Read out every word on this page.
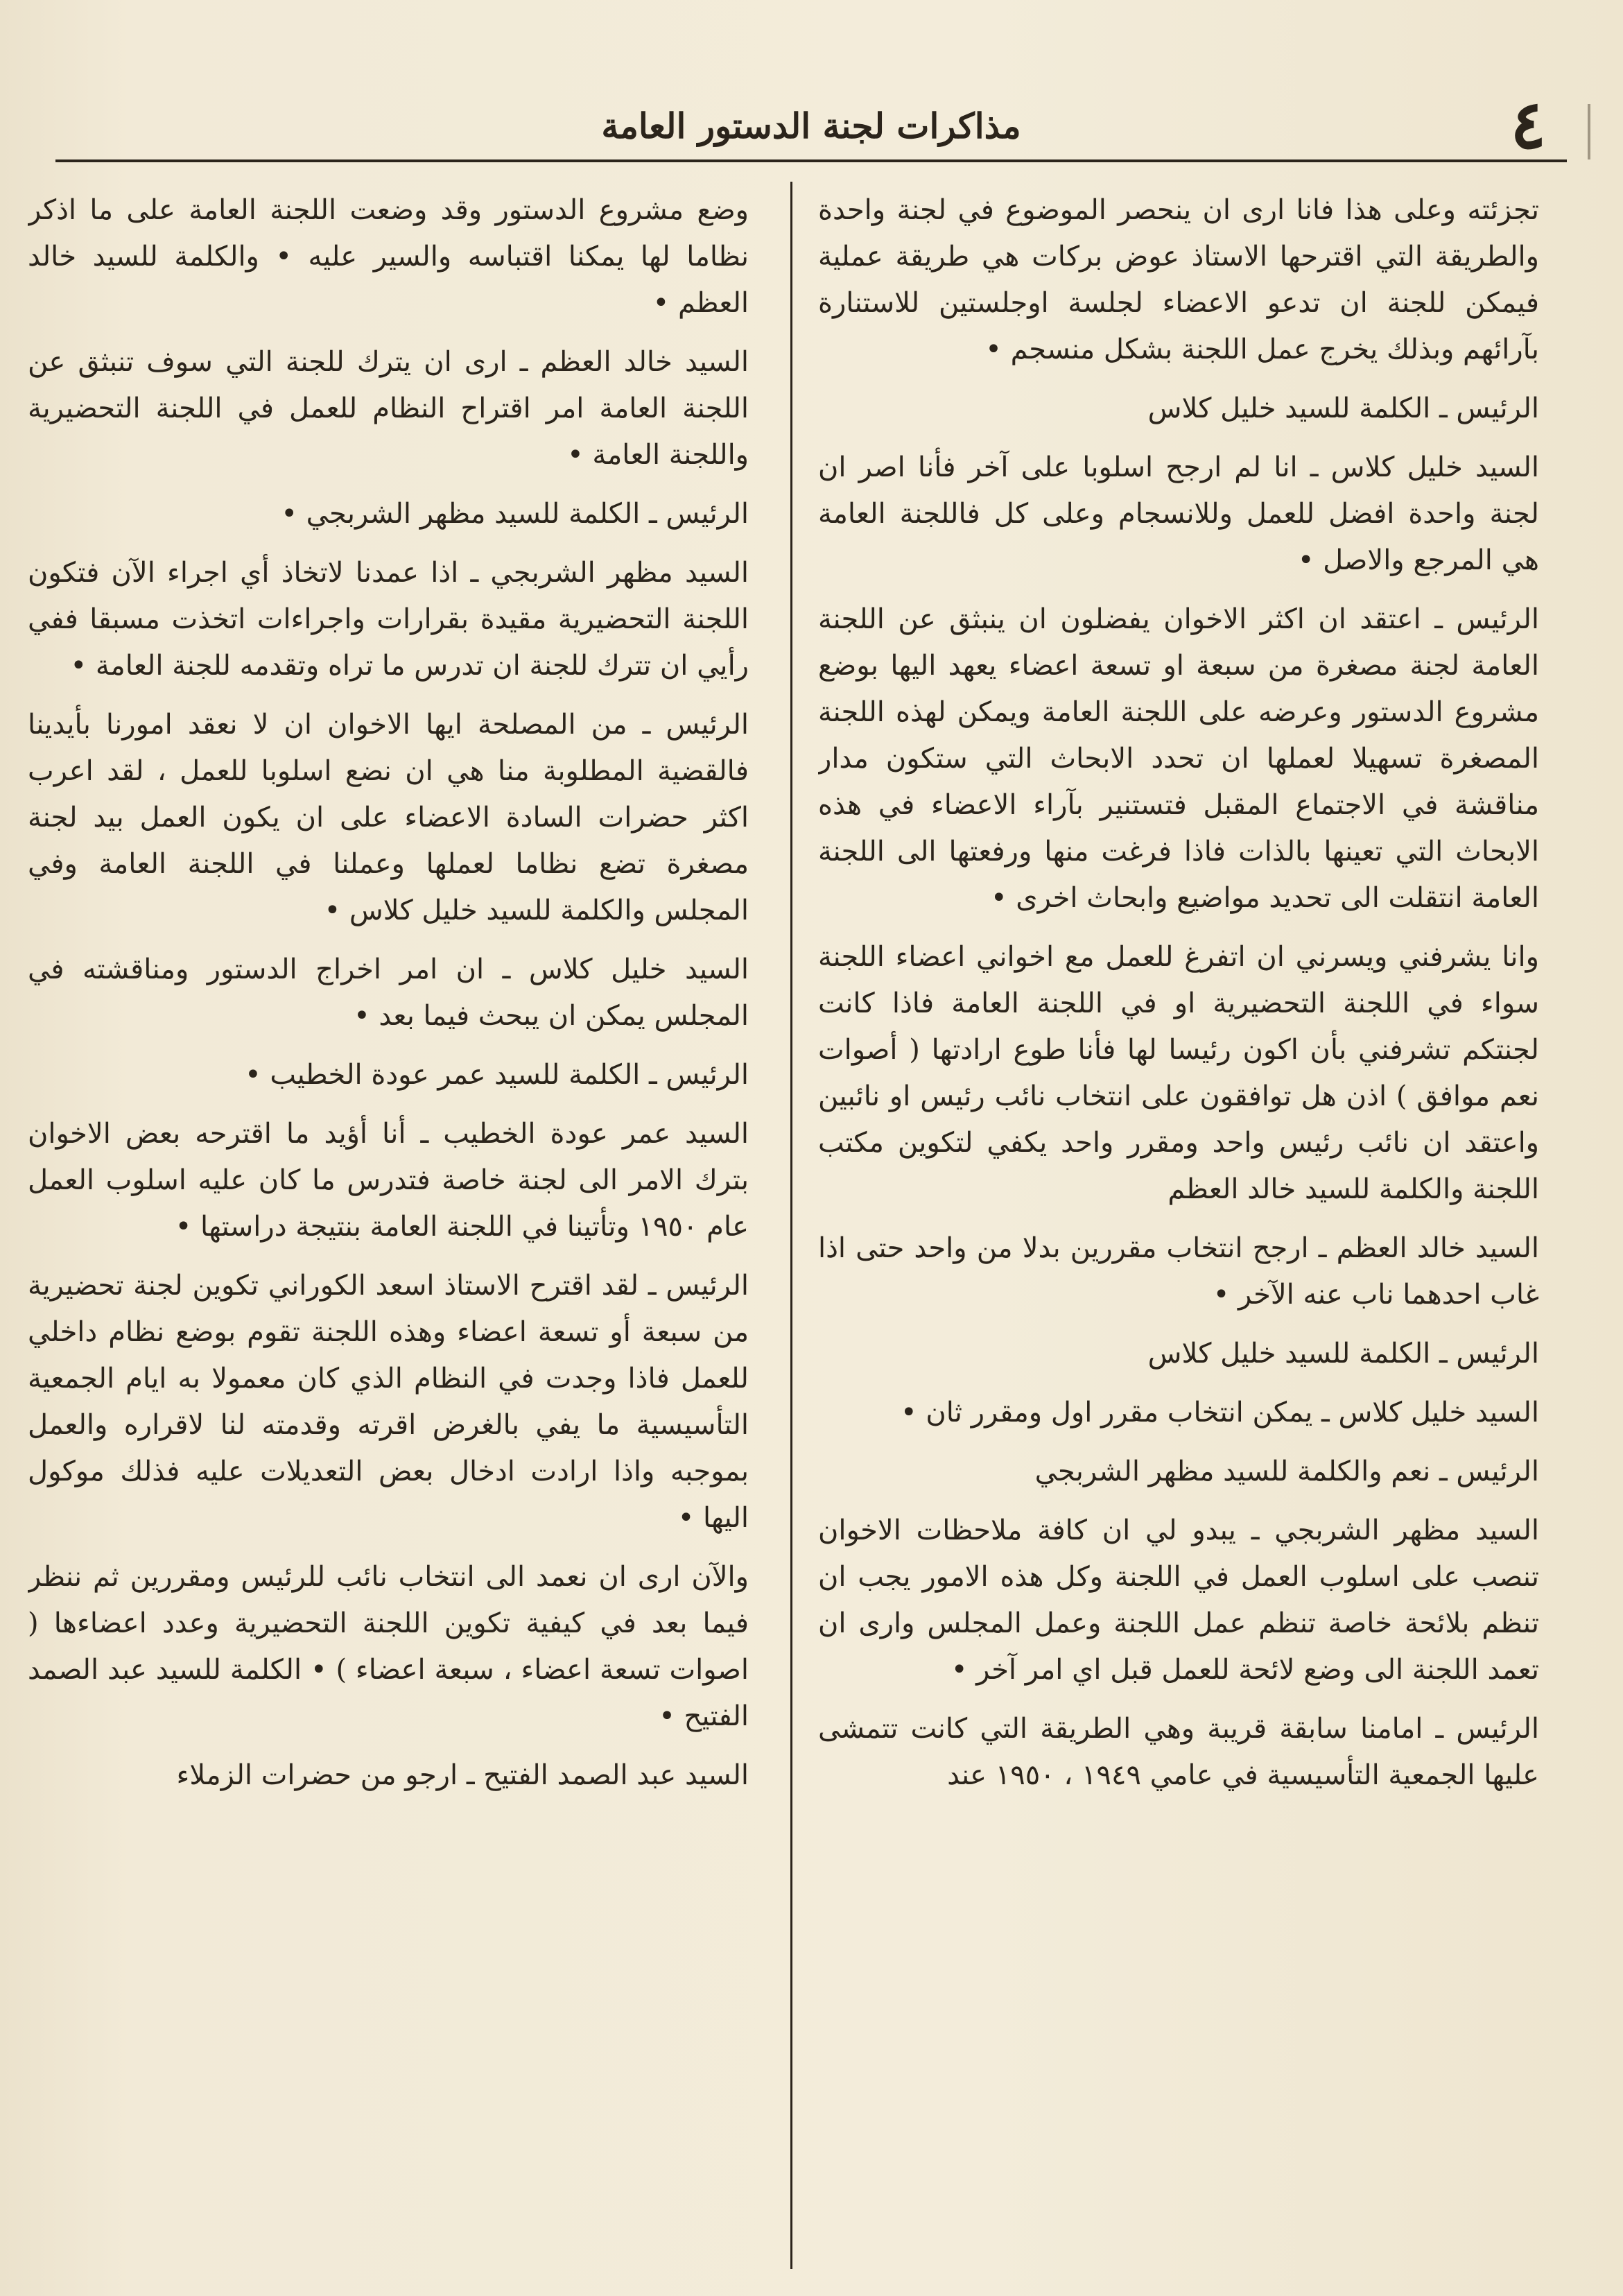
٤
مذاكرات لجنة الدستور العامة

تجزئته وعلى هذا فانا ارى ان ينحصر الموضوع في لجنة واحدة والطريقة التي اقترحها الاستاذ عوض بركات هي طريقة عملية فيمكن للجنة ان تدعو الاعضاء لجلسة اوجلستين للاستنارة بآرائهم وبذلك يخرج عمل اللجنة بشكل منسجم •

الرئيس ـ الكلمة للسيد خليل كلاس

السيد خليل كلاس ـ انا لم ارجح اسلوبا على آخر فأنا اصر ان لجنة واحدة افضل للعمل وللانسجام وعلى كل فاللجنة العامة هي المرجع والاصل •

الرئيس ـ اعتقد ان اكثر الاخوان يفضلون ان ينبثق عن اللجنة العامة لجنة مصغرة من سبعة او تسعة اعضاء يعهد اليها بوضع مشروع الدستور وعرضه على اللجنة العامة ويمكن لهذه اللجنة المصغرة تسهيلا لعملها ان تحدد الابحاث التي ستكون مدار مناقشة في الاجتماع المقبل فتستنير بآراء الاعضاء في هذه الابحاث التي تعينها بالذات فاذا فرغت منها ورفعتها الى اللجنة العامة انتقلت الى تحديد مواضيع وابحاث اخرى •

وانا يشرفني ويسرني ان اتفرغ للعمل مع اخواني اعضاء اللجنة سواء في اللجنة التحضيرية او في اللجنة العامة فاذا كانت لجنتكم تشرفني بأن اكون رئيسا لها فأنا طوع ارادتها ( أصوات نعم موافق ) اذن هل توافقون على انتخاب نائب رئيس او نائبين واعتقد ان نائب رئيس واحد ومقرر واحد يكفي لتكوين مكتب اللجنة والكلمة للسيد خالد العظم

السيد خالد العظم ـ ارجح انتخاب مقررين بدلا من واحد حتى اذا غاب احدهما ناب عنه الآخر •

الرئيس ـ الكلمة للسيد خليل كلاس

السيد خليل كلاس ـ يمكن انتخاب مقرر اول ومقرر ثان •

الرئيس ـ نعم والكلمة للسيد مظهر الشربجي

السيد مظهر الشربجي ـ يبدو لي ان كافة ملاحظات الاخوان تنصب على اسلوب العمل في اللجنة وكل هذه الامور يجب ان تنظم بلائحة خاصة تنظم عمل اللجنة وعمل المجلس وارى ان تعمد اللجنة الى وضع لائحة للعمل قبل اي امر آخر •

الرئيس ـ امامنا سابقة قريبة وهي الطريقة التي كانت تتمشى عليها الجمعية التأسيسية في عامي ١٩٤٩ ، ١٩٥٠ عند

وضع مشروع الدستور وقد وضعت اللجنة العامة على ما اذكر نظاما لها يمكنا اقتباسه والسير عليه • والكلمة للسيد خالد العظم •

السيد خالد العظم ـ ارى ان يترك للجنة التي سوف تنبثق عن اللجنة العامة امر اقتراح النظام للعمل في اللجنة التحضيرية واللجنة العامة •

الرئيس ـ الكلمة للسيد مظهر الشربجي •

السيد مظهر الشربجي ـ اذا عمدنا لاتخاذ أي اجراء الآن فتكون اللجنة التحضيرية مقيدة بقرارات واجراءات اتخذت مسبقا ففي رأيي ان تترك للجنة ان تدرس ما تراه وتقدمه للجنة العامة •

الرئيس ـ من المصلحة ايها الاخوان ان لا نعقد امورنا بأيدينا فالقضية المطلوبة منا هي ان نضع اسلوبا للعمل ، لقد اعرب اكثر حضرات السادة الاعضاء على ان يكون العمل بيد لجنة مصغرة تضع نظاما لعملها وعملنا في اللجنة العامة وفي المجلس والكلمة للسيد خليل كلاس •

السيد خليل كلاس ـ ان امر اخراج الدستور ومناقشته في المجلس يمكن ان يبحث فيما بعد •

الرئيس ـ الكلمة للسيد عمر عودة الخطيب •

السيد عمر عودة الخطيب ـ أنا أؤيد ما اقترحه بعض الاخوان بترك الامر الى لجنة خاصة فتدرس ما كان عليه اسلوب العمل عام ١٩٥٠ وتأتينا في اللجنة العامة بنتيجة دراستها •

الرئيس ـ لقد اقترح الاستاذ اسعد الكوراني تكوين لجنة تحضيرية من سبعة أو تسعة اعضاء وهذه اللجنة تقوم بوضع نظام داخلي للعمل فاذا وجدت في النظام الذي كان معمولا به ايام الجمعية التأسيسية ما يفي بالغرض اقرته وقدمته لنا لاقراره والعمل بموجبه واذا ارادت ادخال بعض التعديلات عليه فذلك موكول اليها •

والآن ارى ان نعمد الى انتخاب نائب للرئيس ومقررين ثم ننظر فيما بعد في كيفية تكوين اللجنة التحضيرية وعدد اعضاءها ( اصوات تسعة اعضاء ، سبعة اعضاء ) • الكلمة للسيد عبد الصمد الفتيح •

السيد عبد الصمد الفتيح ـ ارجو من حضرات الزملاء
